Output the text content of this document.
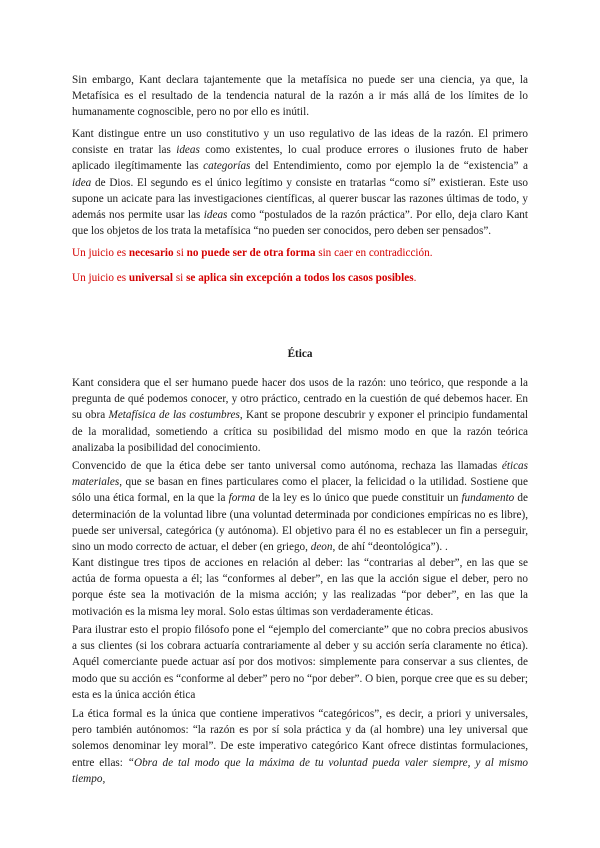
Sin embargo, Kant declara tajantemente que la metafísica no puede ser una ciencia, ya que, la Metafísica es el resultado de la tendencia natural de la razón a ir más allá de los límites de lo humanamente cognoscible, pero no por ello es inútil.

Kant distingue entre un uso constitutivo y un uso regulativo de las ideas de la razón. El primero consiste en tratar las ideas como existentes, lo cual produce errores o ilusiones fruto de haber aplicado ilegítimamente las categorías del Entendimiento, como por ejemplo la de “existencia” a idea de Dios. El segundo es el único legítimo y consiste en tratarlas “como sí” existieran. Este uso supone un acicate para las investigaciones científicas, al querer buscar las razones últimas de todo, y además nos permite usar las ideas como “postulados de la razón práctica”. Por ello, deja claro Kant que los objetos de los trata la metafísica “no pueden ser conocidos, pero deben ser pensados”.

Un juicio es necesario si no puede ser de otra forma sin caer en contradicción.

Un juicio es universal si se aplica sin excepción a todos los casos posibles.

Ética

Kant considera que el ser humano puede hacer dos usos de la razón: uno teórico, que responde a la pregunta de qué podemos conocer, y otro práctico, centrado en la cuestión de qué debemos hacer. En su obra Metafísica de las costumbres, Kant se propone descubrir y exponer el principio fundamental de la moralidad, sometiendo a crítica su posibilidad del mismo modo en que la razón teórica analizaba la posibilidad del conocimiento.

Convencido de que la ética debe ser tanto universal como autónoma, rechaza las llamadas éticas materiales, que se basan en fines particulares como el placer, la felicidad o la utilidad. Sostiene que sólo una ética formal, en la que la forma de la ley es lo único que puede constituir un fundamento de determinación de la voluntad libre (una voluntad determinada por condiciones empíricas no es libre), puede ser universal, categórica (y autónoma). El objetivo para él no es establecer un fin a perseguir, sino un modo correcto de actuar, el deber (en griego, deon, de ahí “deontológica”). .

Kant distingue tres tipos de acciones en relación al deber: las “contrarias al deber”, en las que se actúa de forma opuesta a él; las “conformes al deber”, en las que la acción sigue el deber, pero no porque éste sea la motivación de la misma acción; y las realizadas “por deber”, en las que la motivación es la misma ley moral. Solo estas últimas son verdaderamente éticas.

Para ilustrar esto el propio filósofo pone el “ejemplo del comerciante” que no cobra precios abusivos a sus clientes (si los cobrara actuaría contrariamente al deber y su acción sería claramente no ética). Aquél comerciante puede actuar así por dos motivos: simplemente para conservar a sus clientes, de modo que su acción es “conforme al deber” pero no “por deber”. O bien, porque cree que es su deber; esta es la única acción ética

La ética formal es la única que contiene imperativos “categóricos”, es decir, a priori y universales, pero también autónomos: “la razón es por sí sola práctica y da (al hombre) una ley universal que solemos denominar ley moral”. De este imperativo categórico Kant ofrece distintas formulaciones, entre ellas: “Obra de tal modo que la máxima de tu voluntad pueda valer siempre, y al mismo tiempo,
